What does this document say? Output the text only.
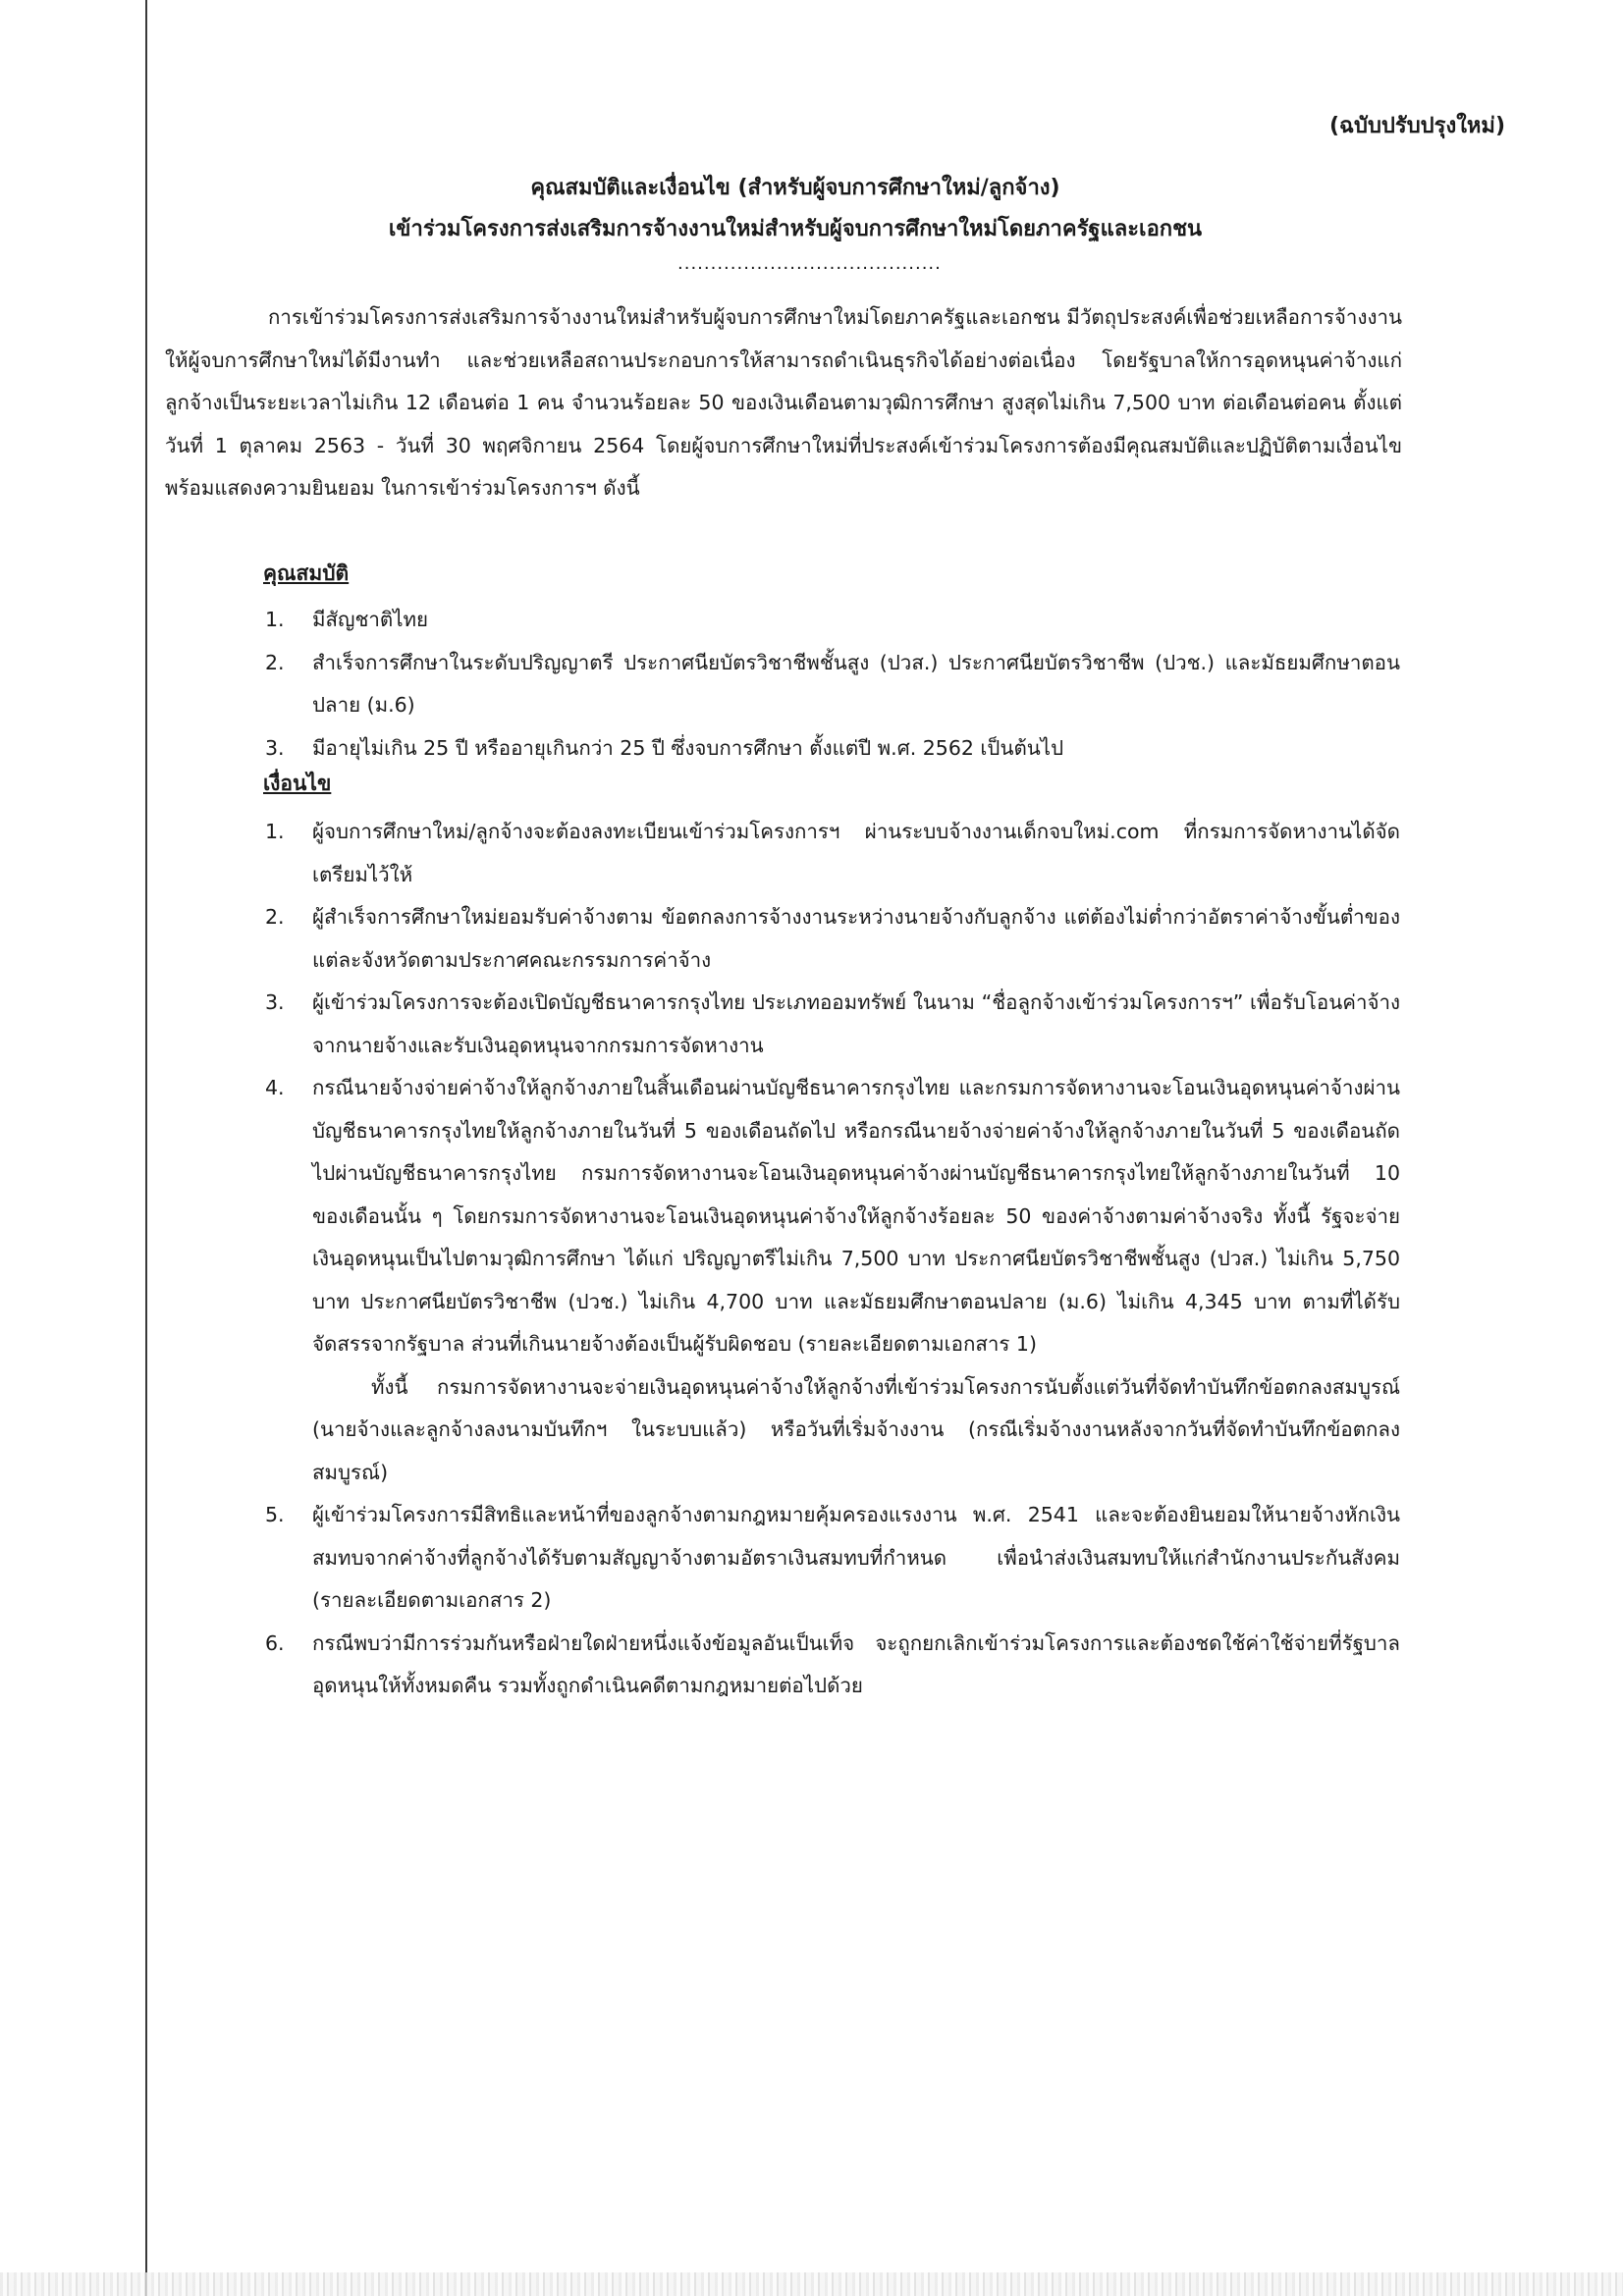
(ฉบับปรับปรุงใหม่)
คุณสมบัติและเงื่อนไข (สำหรับผู้จบการศึกษาใหม่/ลูกจ้าง)
เข้าร่วมโครงการส่งเสริมการจ้างงานใหม่สำหรับผู้จบการศึกษาใหม่โดยภาครัฐและเอกชน
........................................
การเข้าร่วมโครงการส่งเสริมการจ้างงานใหม่สำหรับผู้จบการศึกษาใหม่โดยภาครัฐและเอกชน มีวัตถุประสงค์เพื่อช่วยเหลือการจ้างงานให้ผู้จบการศึกษาใหม่ได้มีงานทำ และช่วยเหลือสถานประกอบการให้สามารถดำเนินธุรกิจได้อย่างต่อเนื่อง โดยรัฐบาลให้การอุดหนุนค่าจ้างแก่ลูกจ้างเป็นระยะเวลาไม่เกิน 12 เดือนต่อ 1 คน จำนวนร้อยละ 50 ของเงินเดือนตามวุฒิการศึกษา สูงสุดไม่เกิน 7,500 บาท ต่อเดือนต่อคน ตั้งแต่วันที่ 1 ตุลาคม 2563 - วันที่ 30 พฤศจิกายน 2564 โดยผู้จบการศึกษาใหม่ที่ประสงค์เข้าร่วมโครงการต้องมีคุณสมบัติและปฏิบัติตามเงื่อนไข พร้อมแสดงความยินยอม ในการเข้าร่วมโครงการฯ ดังนี้
คุณสมบัติ
1. มีสัญชาติไทย
2. สำเร็จการศึกษาในระดับปริญญาตรี ประกาศนียบัตรวิชาชีพชั้นสูง (ปวส.) ประกาศนียบัตรวิชาชีพ (ปวช.) และมัธยมศึกษาตอนปลาย (ม.6)
3. มีอายุไม่เกิน 25 ปี หรืออายุเกินกว่า 25 ปี ซึ่งจบการศึกษา ตั้งแต่ปี พ.ศ. 2562 เป็นต้นไป
เงื่อนไข
1. ผู้จบการศึกษาใหม่/ลูกจ้างจะต้องลงทะเบียนเข้าร่วมโครงการฯ ผ่านระบบจ้างงานเด็กจบใหม่.com ที่กรมการจัดหางานได้จัดเตรียมไว้ให้
2. ผู้สำเร็จการศึกษาใหม่ยอมรับค่าจ้างตาม ข้อตกลงการจ้างงานระหว่างนายจ้างกับลูกจ้าง แต่ต้องไม่ต่ำกว่าอัตราค่าจ้างขั้นต่ำของแต่ละจังหวัดตามประกาศคณะกรรมการค่าจ้าง
3. ผู้เข้าร่วมโครงการจะต้องเปิดบัญชีธนาคารกรุงไทย ประเภทออมทรัพย์ ในนาม “ชื่อลูกจ้างเข้าร่วมโครงการฯ” เพื่อรับโอนค่าจ้างจากนายจ้างและรับเงินอุดหนุนจากกรมการจัดหางาน
4. กรณีนายจ้างจ่ายค่าจ้างให้ลูกจ้างภายในสิ้นเดือนผ่านบัญชีธนาคารกรุงไทย และกรมการจัดหางานจะโอนเงินอุดหนุนค่าจ้างผ่านบัญชีธนาคารกรุงไทยให้ลูกจ้างภายในวันที่ 5 ของเดือนถัดไป หรือกรณีนายจ้างจ่ายค่าจ้างให้ลูกจ้างภายในวันที่ 5 ของเดือนถัดไปผ่านบัญชีธนาคารกรุงไทย กรมการจัดหางานจะโอนเงินอุดหนุนค่าจ้างผ่านบัญชีธนาคารกรุงไทยให้ลูกจ้างภายในวันที่ 10 ของเดือนนั้น ๆ โดยกรมการจัดหางานจะโอนเงินอุดหนุนค่าจ้างให้ลูกจ้างร้อยละ 50 ของค่าจ้างตามค่าจ้างจริง ทั้งนี้ รัฐจะจ่ายเงินอุดหนุนเป็นไปตามวุฒิการศึกษา ได้แก่ ปริญญาตรีไม่เกิน 7,500 บาท ประกาศนียบัตรวิชาชีพชั้นสูง (ปวส.) ไม่เกิน 5,750 บาท ประกาศนียบัตรวิชาชีพ (ปวช.) ไม่เกิน 4,700 บาท และมัธยมศึกษาตอนปลาย (ม.6) ไม่เกิน 4,345 บาท ตามที่ได้รับจัดสรรจากรัฐบาล ส่วนที่เกินนายจ้างต้องเป็นผู้รับผิดชอบ (รายละเอียดตามเอกสาร 1)
ทั้งนี้ กรมการจัดหางานจะจ่ายเงินอุดหนุนค่าจ้างให้ลูกจ้างที่เข้าร่วมโครงการนับตั้งแต่วันที่จัดทำบันทึกข้อตกลงสมบูรณ์ (นายจ้างและลูกจ้างลงนามบันทึกฯ ในระบบแล้ว) หรือวันที่เริ่มจ้างงาน (กรณีเริ่มจ้างงานหลังจากวันที่จัดทำบันทึกข้อตกลงสมบูรณ์)
5. ผู้เข้าร่วมโครงการมีสิทธิและหน้าที่ของลูกจ้างตามกฎหมายคุ้มครองแรงงาน พ.ศ. 2541 และจะต้องยินยอมให้นายจ้างหักเงินสมทบจากค่าจ้างที่ลูกจ้างได้รับตามสัญญาจ้างตามอัตราเงินสมทบที่กำหนด เพื่อนำส่งเงินสมทบให้แก่สำนักงานประกันสังคม (รายละเอียดตามเอกสาร 2)
6. กรณีพบว่ามีการร่วมกันหรือฝ่ายใดฝ่ายหนึ่งแจ้งข้อมูลอันเป็นเท็จ จะถูกยกเลิกเข้าร่วมโครงการและต้องชดใช้ค่าใช้จ่ายที่รัฐบาลอุดหนุนให้ทั้งหมดคืน รวมทั้งถูกดำเนินคดีตามกฎหมายต่อไปด้วย
